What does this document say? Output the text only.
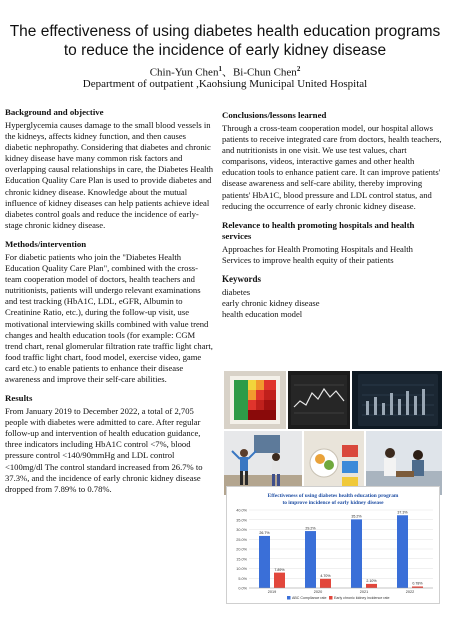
The effectiveness of using diabetes health education programs
to reduce the incidence of early kidney disease
Chin-Yun Chen$^1$、Bi-Chun Chen$^2$
Department of outpatient ,Kaohsiung Municipal United Hospital
Background and objective

Hyperglycemia causes damage to the small blood vessels in the kidneys, affects kidney function, and then causes diabetic nephropathy. Considering that diabetes and chronic kidney disease have many common risk factors and overlapping causal relationships in care, the Diabetes Health Education Quality Care Plan is used to provide diabetes and chronic kidney disease. Knowledge about the mutual influence of kidney diseases can help patients achieve ideal diabetes control goals and reduce the incidence of early-stage chronic kidney disease.

Methods/intervention

For diabetic patients who join the "Diabetes Health Education Quality Care Plan", combined with the cross-team cooperation model of doctors, health teachers and nutritionists, patients will undergo relevant examinations and test tracking (HbA1C, LDL, eGFR, Albumin to Creatinine Ratio, etc.), during the follow-up visit, use motivational interviewing skills combined with value trend changes and health education tools (for example: CGM trend chart, renal glomerular filtration rate traffic light chart, food traffic light chart, food model, exercise video, game card etc.) to enable patients to enhance their disease awareness and improve their self-care abilities.

Results

From January 2019 to December 2022, a total of 2,705 people with diabetes were admitted to care. After regular follow-up and intervention of health education guidance, three indicators including HbA1C control <7%, blood pressure control <140/90mmHg and LDL control <100mg/dl The control standard increased from 26.7% to 37.3%, and the incidence of early chronic kidney disease dropped from 7.89% to 0.78%.

Conclusions/lessons learned

Through a cross-team cooperation model, our hospital allows patients to receive integrated care from doctors, health teachers, and nutritionists in one visit. We use test values, chart comparisons, videos, interactive games and other health education tools to enhance patient care. It can improve patients' disease awareness and self-care ability, thereby improving patients' HbA1C, blood pressure and LDL control status, and reducing the occurrence of early chronic kidney disease.

Relevance to health promoting hospitals and health services

Approaches for Health Promoting Hospitals and Health Services to improve health equity of their patients

Keywords

diabetes

early chronic kidney disease

health education model

Effectiveness of using diabetes health education program
to improve incidence of early kidney disease
0.0%
5.0%
10.0%
15.0%
20.0%
25.0%
30.0%
35.0%
40.0%
26.7%
7.89%
29.2%
4.70%
35.2%
2.10%
37.3%
0.78%
2019	2020	2021	2022
ABC Compliance rate Early chronic kidney incidence rate
